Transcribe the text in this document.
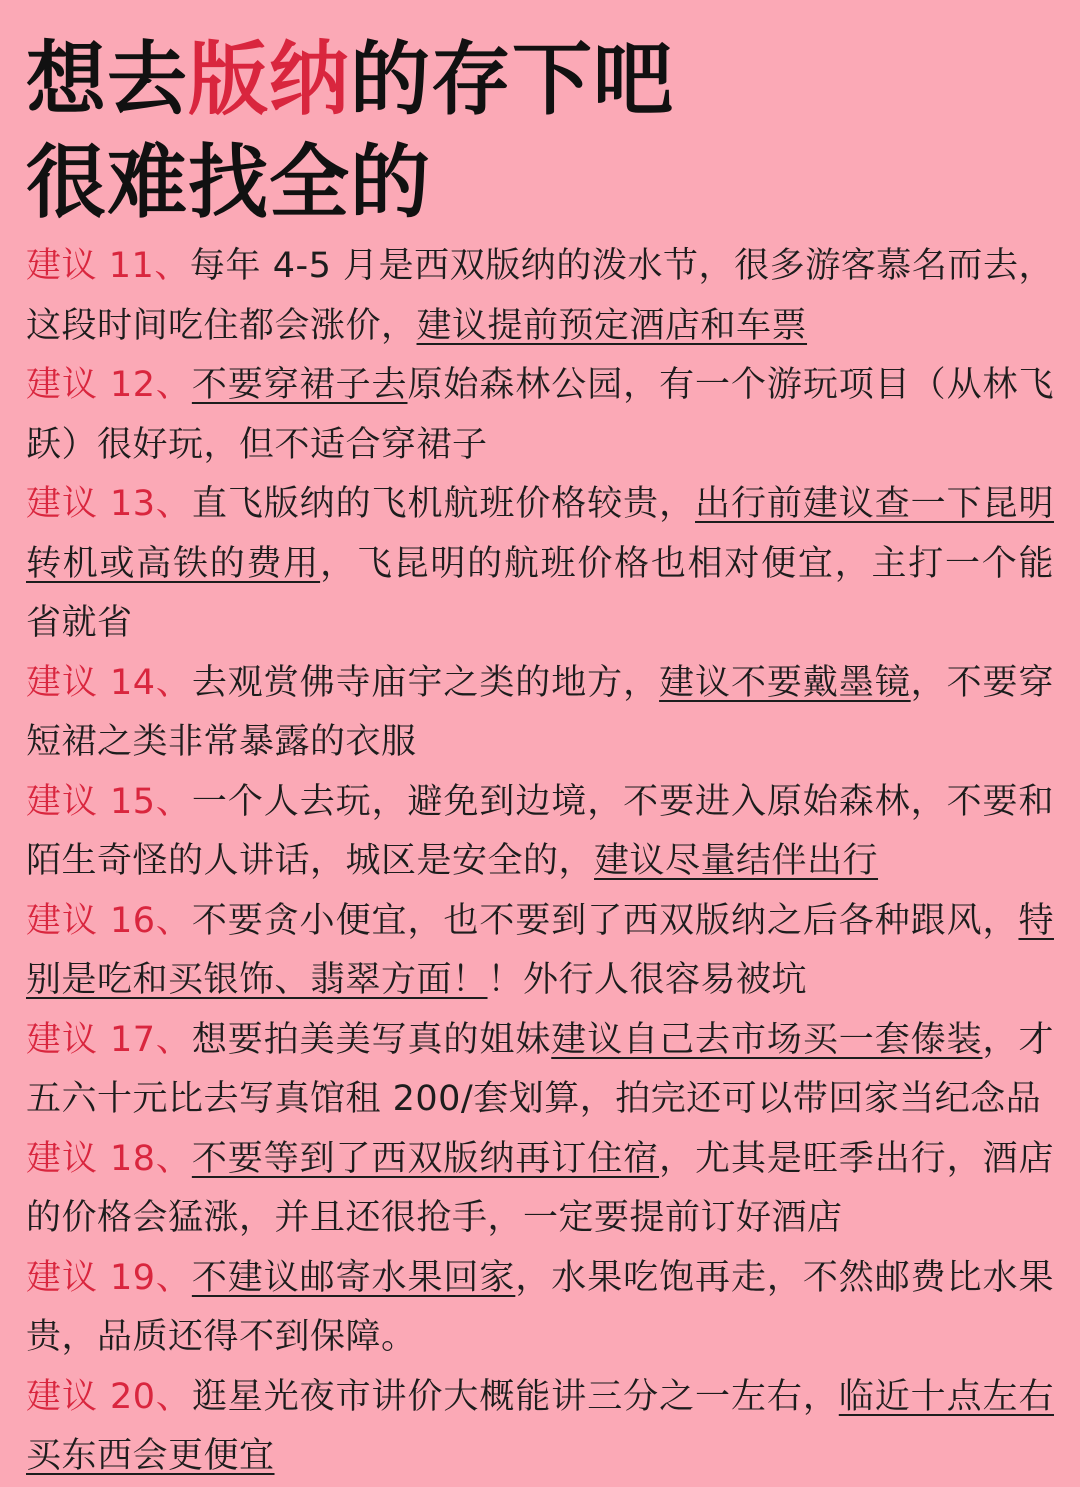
想去版纳的存下吧
很难找全的
建议 11、每年 4-5 月是西双版纳的泼水节，很多游客慕名而去，这段时间吃住都会涨价，建议提前预定酒店和车票
建议 12、不要穿裙子去原始森林公园，有一个游玩项目（从林飞跃）很好玩，但不适合穿裙子
建议 13、直飞版纳的飞机航班价格较贵，出行前建议查一下昆明转机或高铁的费用，飞昆明的航班价格也相对便宜，主打一个能省就省
建议 14、去观赏佛寺庙宇之类的地方，建议不要戴墨镜，不要穿短裙之类非常暴露的衣服
建议 15、一个人去玩，避免到边境，不要进入原始森林，不要和陌生奇怪的人讲话，城区是安全的，建议尽量结伴出行
建议 16、不要贪小便宜，也不要到了西双版纳之后各种跟风，特别是吃和买银饰、翡翠方面！！外行人很容易被坑
建议 17、想要拍美美写真的姐妹建议自己去市场买一套傣装，才五六十元比去写真馆租 200/套划算，拍完还可以带回家当纪念品
建议 18、不要等到了西双版纳再订住宿，尤其是旺季出行，酒店的价格会猛涨，并且还很抢手，一定要提前订好酒店
建议 19、不建议邮寄水果回家，水果吃饱再走，不然邮费比水果贵，品质还得不到保障。
建议 20、逛星光夜市讲价大概能讲三分之一左右，临近十点左右买东西会更便宜
